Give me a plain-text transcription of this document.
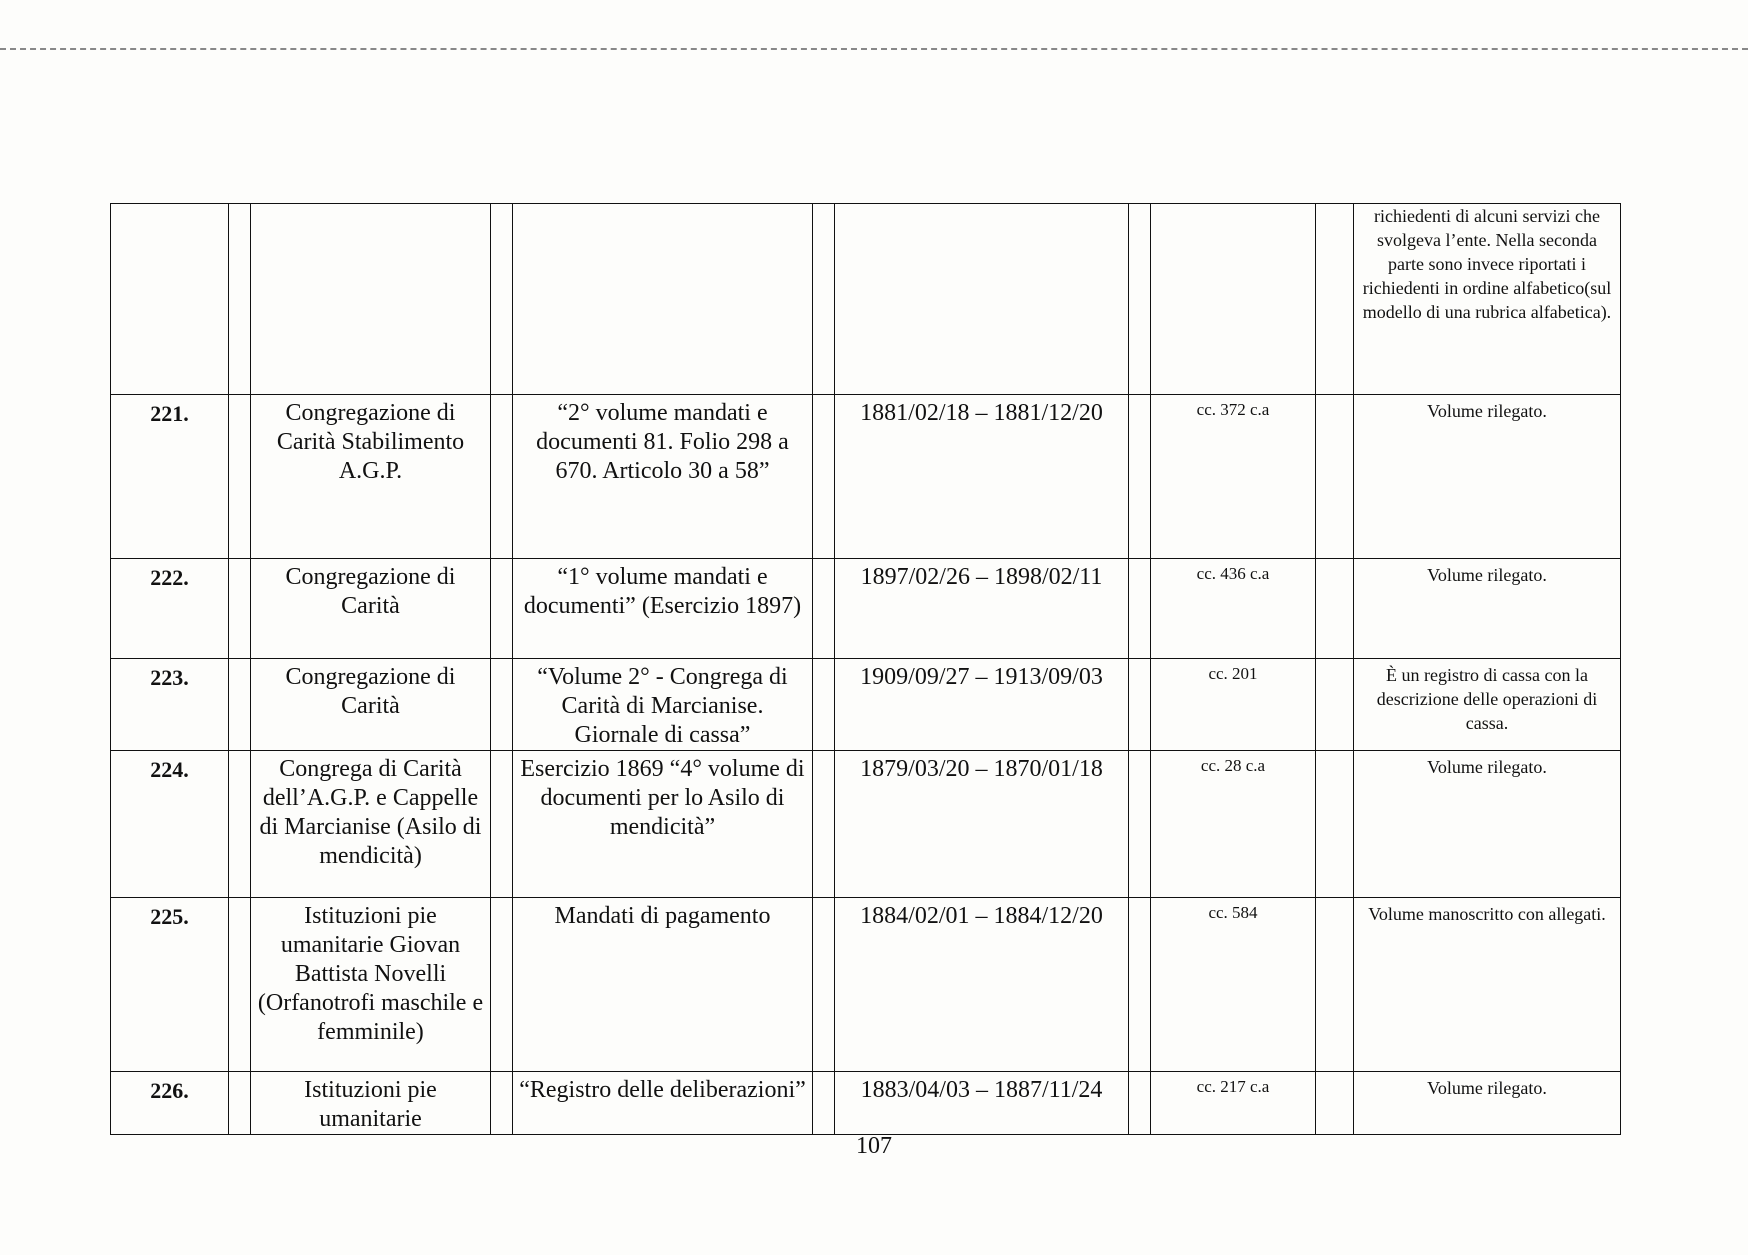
										richiedenti di alcuni servizi che svolgeva l’ente. Nella seconda parte sono invece riportati i richiedenti in ordine alfabetico(sul modello di una rubrica alfabetica).
221.		Congregazione di Carità Stabilimento A.G.P.		“2° volume mandati e documenti 81. Folio 298 a 670. Articolo 30 a 58”		1881/02/18 – 1881/12/20		cc. 372 c.a		Volume rilegato.
222.		Congregazione di Carità		“1° volume mandati e documenti” (Esercizio 1897)		1897/02/26 – 1898/02/11		cc. 436 c.a		Volume rilegato.
223.		Congregazione di Carità		“Volume 2° - Congrega di Carità di Marcianise. Giornale di cassa”		1909/09/27 – 1913/09/03		cc. 201		È un registro di cassa con la descrizione delle operazioni di cassa.
224.		Congrega di Carità dell’A.G.P. e Cappelle di Marcianise (Asilo di mendicità)		Esercizio 1869 “4° volume di documenti per lo Asilo di mendicità”		1879/03/20 – 1870/01/18		cc. 28 c.a		Volume rilegato.
225.		Istituzioni pie umanitarie Giovan Battista Novelli (Orfanotrofi maschile e femminile)		Mandati di pagamento		1884/02/01 – 1884/12/20		cc. 584		Volume manoscritto con allegati.
226.		Istituzioni pie umanitarie		“Registro delle deliberazioni”		1883/04/03 – 1887/11/24		cc. 217 c.a		Volume rilegato.
107
